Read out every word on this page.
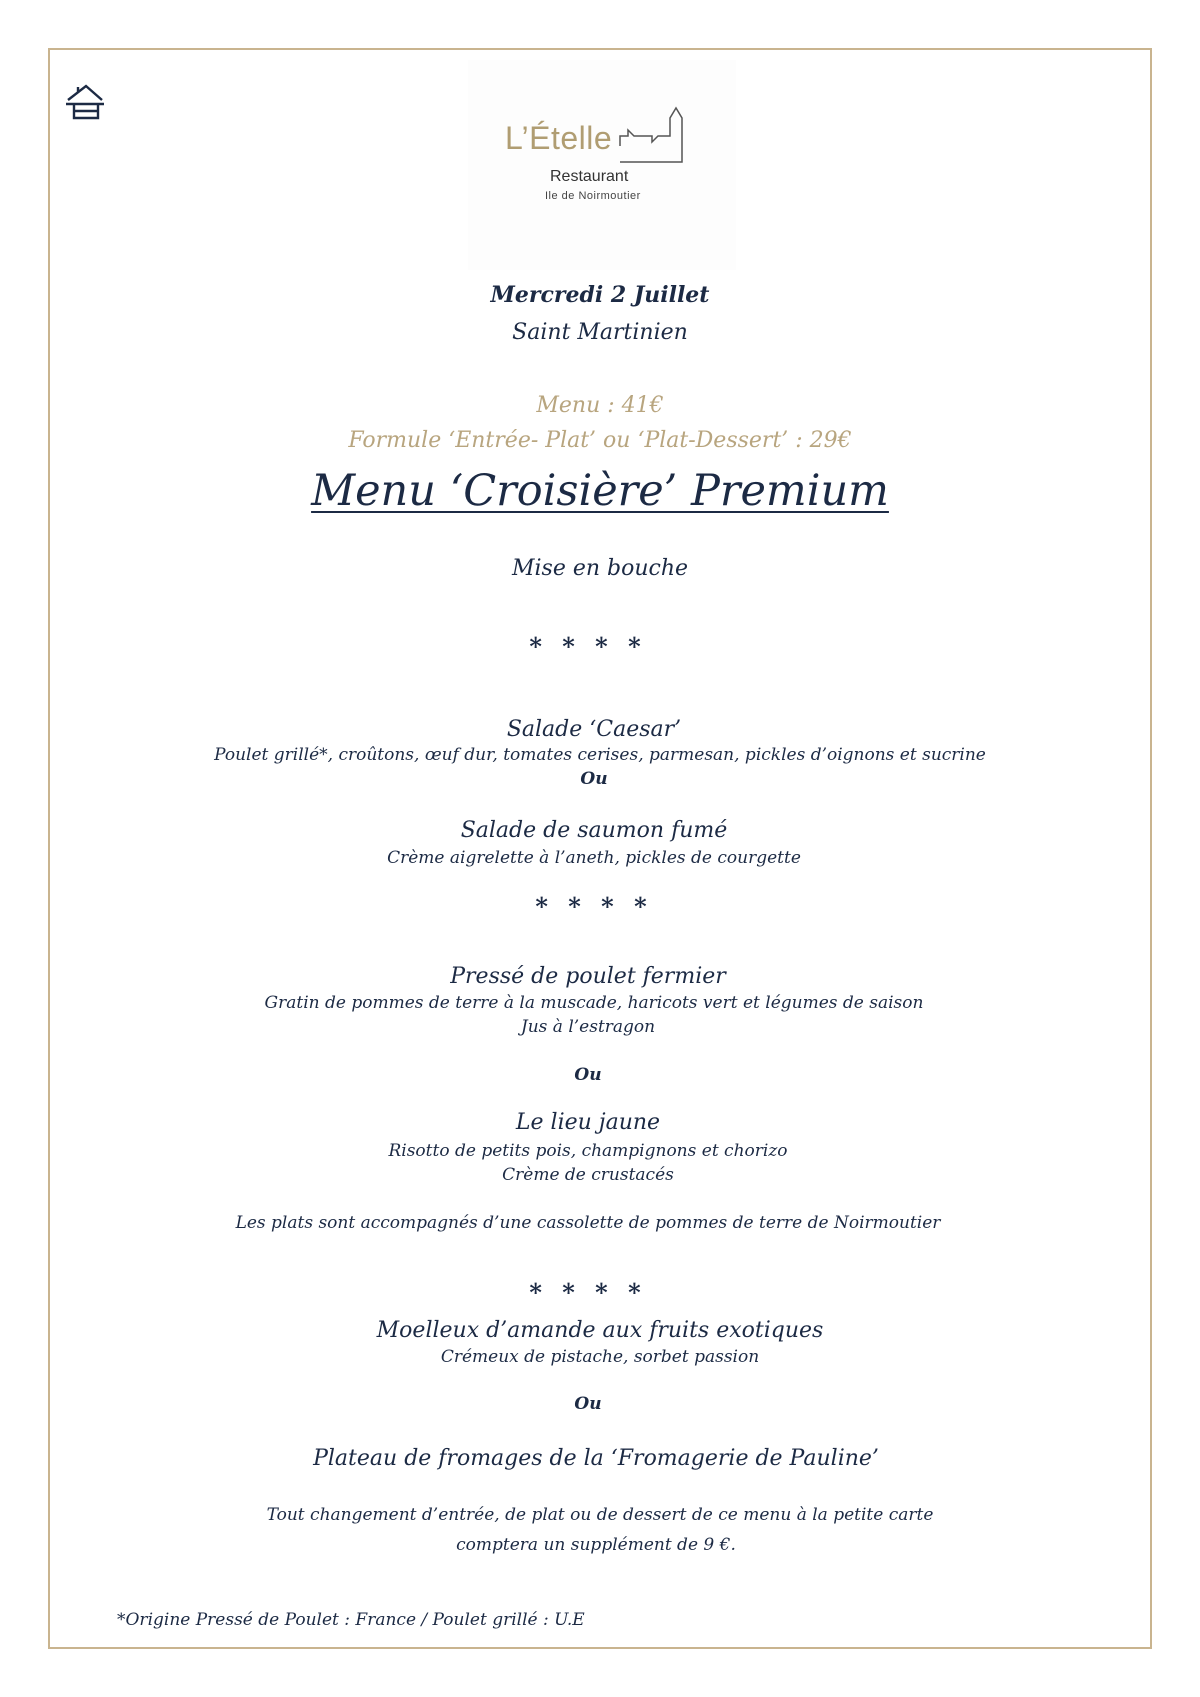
L’Ételle
Restaurant
Ile de Noirmoutier
Mercredi 2 Juillet
Saint Martinien
Menu : 41€
Formule ‘Entrée- Plat’ ou ‘Plat-Dessert’ : 29€
Menu ‘Croisière’ Premium
Mise en bouche
* * * *
Salade ‘Caesar’
Poulet grillé*, croûtons, œuf dur, tomates cerises, parmesan, pickles d’oignons et sucrine
Ou
Salade de saumon fumé
Crème aigrelette à l’aneth, pickles de courgette
* * * *
Pressé de poulet fermier
Gratin de pommes de terre à la muscade, haricots vert et légumes de saison
Jus à l’estragon
Ou
Le lieu jaune
Risotto de petits pois, champignons et chorizo
Crème de crustacés
Les plats sont accompagnés d’une cassolette de pommes de terre de Noirmoutier
* * * *
Moelleux d’amande aux fruits exotiques
Crémeux de pistache, sorbet passion
Ou
Plateau de fromages de la ‘Fromagerie de Pauline’
Tout changement d’entrée, de plat ou de dessert de ce menu à la petite carte
comptera un supplément de 9 €.
*Origine Pressé de Poulet : France / Poulet grillé : U.E
